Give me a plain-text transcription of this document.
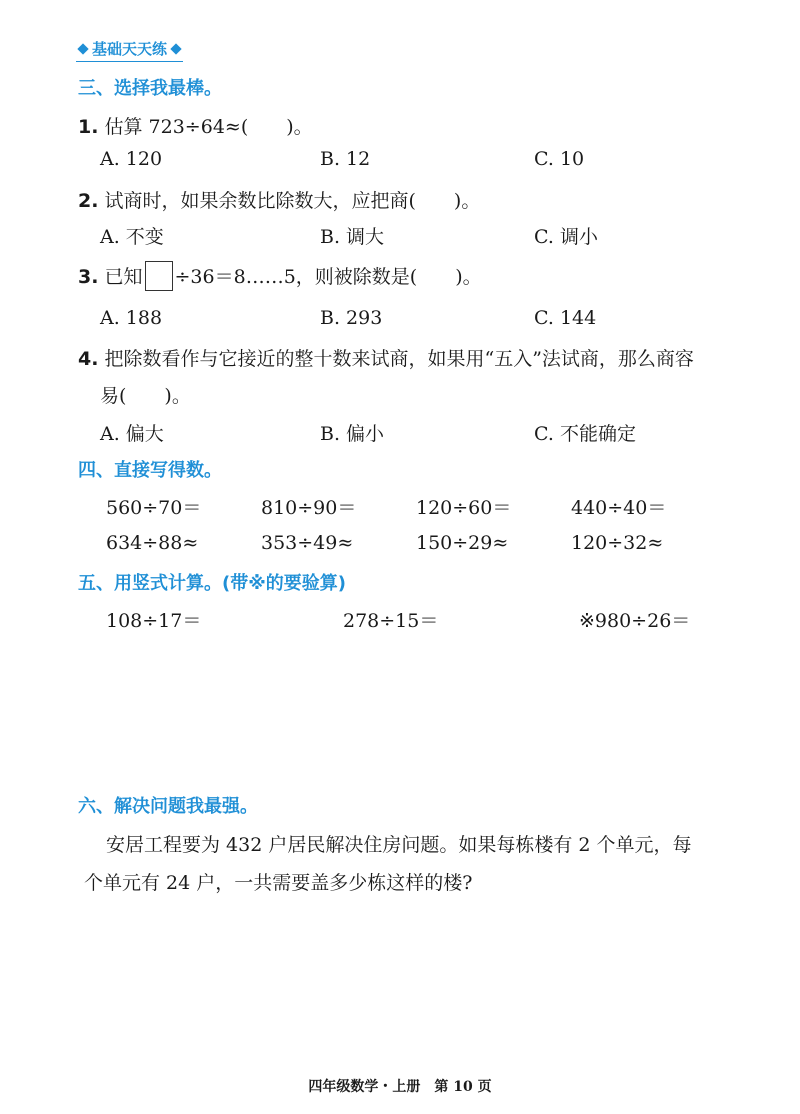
基础天天练
三、选择我最棒。
1. 估算 723÷64≈(　　)。
A. 120	B. 12	C. 10
2. 试商时，如果余数比除数大，应把商(　　)。
A. 不变	B. 调大	C. 调小
3. 已知 ÷36＝8……5，则被除数是(　　)。
A. 188	B. 293	C. 144
4. 把除数看作与它接近的整十数来试商，如果用“五入”法试商，那么商容
易(　　)。
A. 偏大	B. 偏小	C. 不能确定
四、直接写得数。
560÷70＝	810÷90＝	120÷60＝	440÷40＝
634÷88≈	353÷49≈	150÷29≈	120÷32≈
五、用竖式计算。(带※的要验算)
108÷17＝	278÷15＝	※980÷26＝
六、解决问题我最强。
安居工程要为 432 户居民解决住房问题。如果每栋楼有 2 个单元，每
个单元有 24 户，一共需要盖多少栋这样的楼?
四年级数学・上册　第 10 页
